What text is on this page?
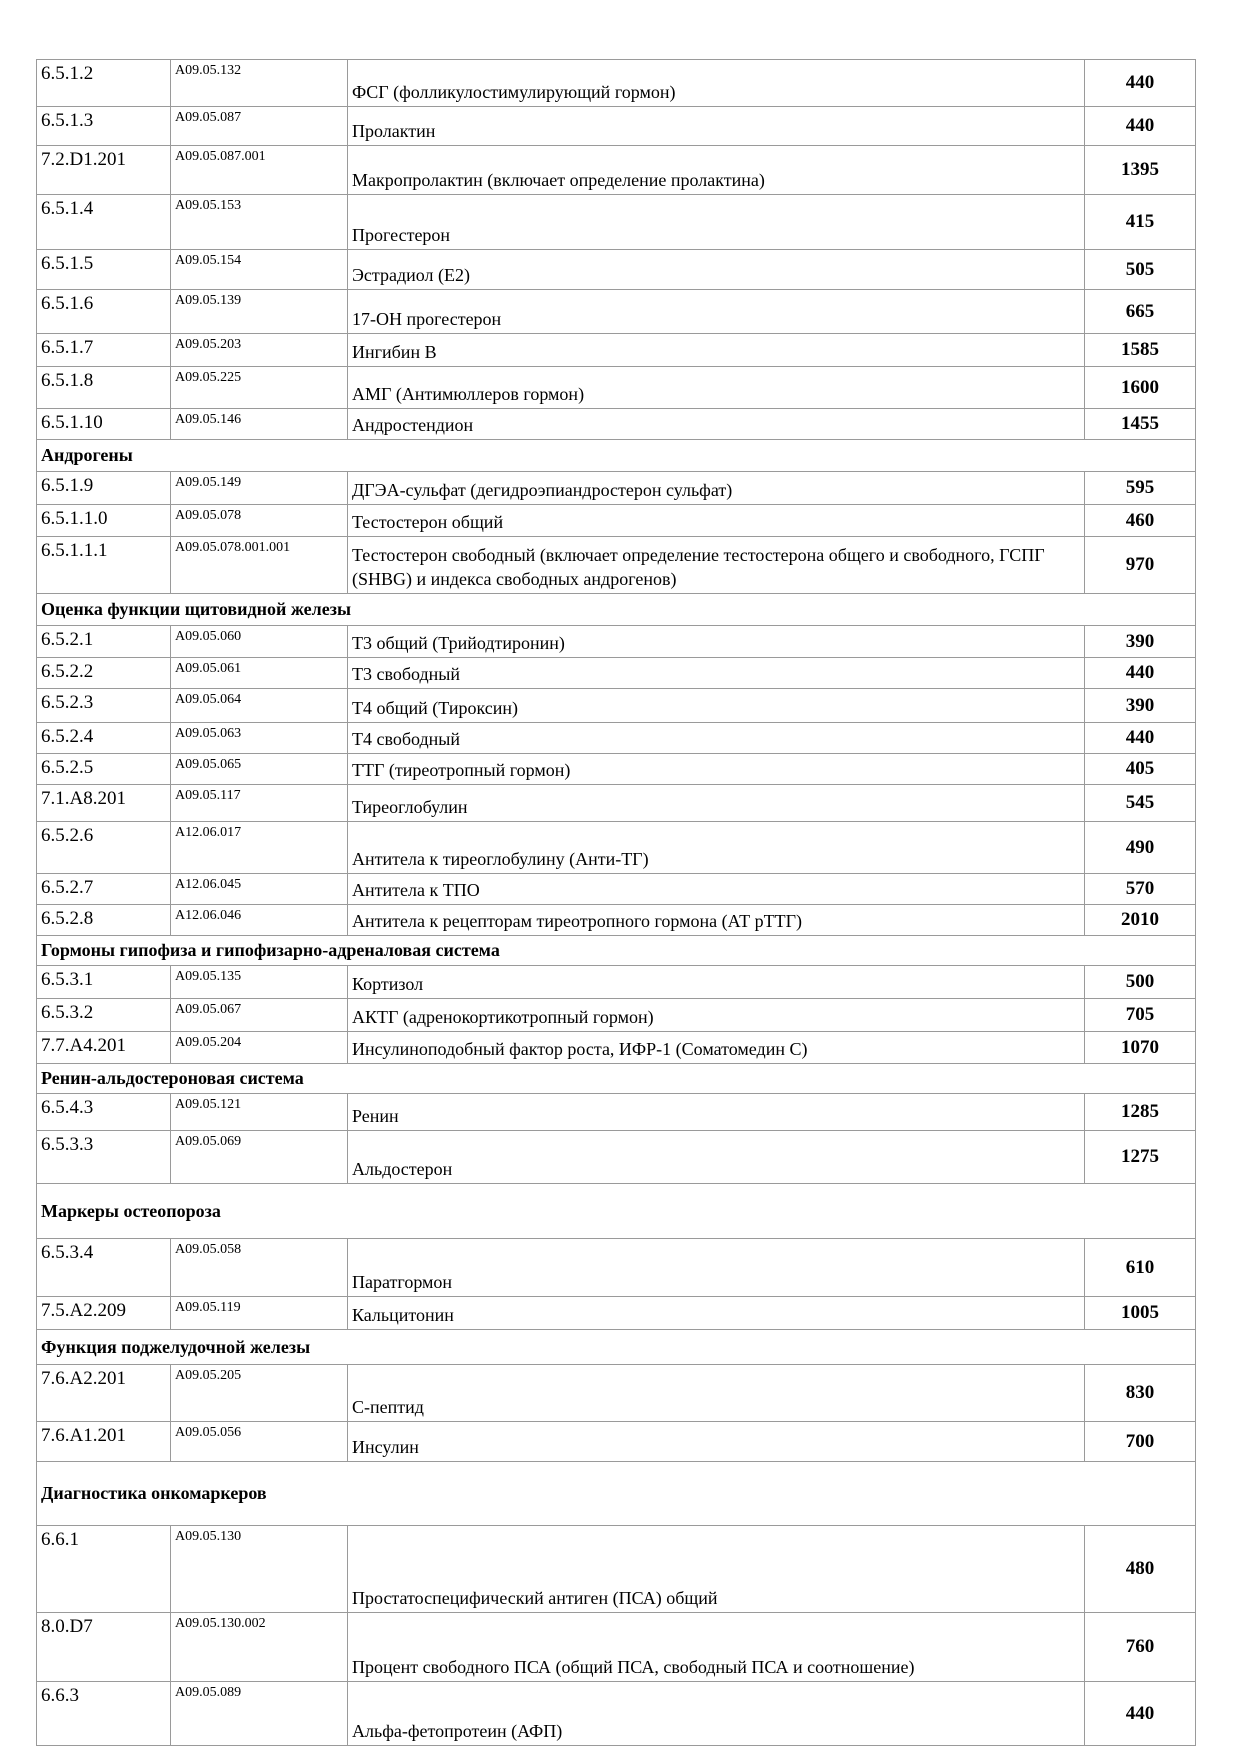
6.5.1.2	A09.05.132	ФСГ (фолликулостимулирующий гормон)	440
6.5.1.3	A09.05.087	Пролактин	440
7.2.D1.201	A09.05.087.001	Макропролактин (включает определение пролактина)	1395
6.5.1.4	A09.05.153	Прогестерон	415
6.5.1.5	A09.05.154	Эстрадиол (Е2)	505
6.5.1.6	A09.05.139	17-ОН прогестерон	665
6.5.1.7	A09.05.203	Ингибин В	1585
6.5.1.8	A09.05.225	АМГ (Антимюллеров гормон)	1600
6.5.1.10	A09.05.146	Андростендион	1455
Андрогены			
6.5.1.9	A09.05.149	ДГЭА-сульфат (дегидроэпиандростерон сульфат)	595
6.5.1.1.0	A09.05.078	Тестостерон общий	460
6.5.1.1.1	A09.05.078.001.001	Тестостерон свободный (включает определение тестостерона общего и свободного, ГСПГ (SHBG) и индекса свободных андрогенов)	970
Оценка функции щитовидной железы			
6.5.2.1	A09.05.060	Т3 общий (Трийодтиронин)	390
6.5.2.2	A09.05.061	Т3 свободный	440
6.5.2.3	A09.05.064	Т4 общий (Тироксин)	390
6.5.2.4	A09.05.063	Т4 свободный	440
6.5.2.5	A09.05.065	ТТГ (тиреотропный гормон)	405
7.1.A8.201	A09.05.117	Тиреоглобулин	545
6.5.2.6	A12.06.017	Антитела к тиреоглобулину (Анти-ТГ)	490
6.5.2.7	A12.06.045	Антитела к ТПО	570
6.5.2.8	A12.06.046	Антитела к рецепторам тиреотропного гормона (АТ рТТГ)	2010
Гормоны гипофиза и гипофизарно-адреналовая система			
6.5.3.1	A09.05.135	Кортизол	500
6.5.3.2	A09.05.067	АКТГ (адренокортикотропный гормон)	705
7.7.A4.201	A09.05.204	Инсулиноподобный фактор роста, ИФР-1 (Соматомедин С)	1070
Ренин-альдостероновая система			
6.5.4.3	A09.05.121	Ренин	1285
6.5.3.3	A09.05.069	Альдостерон	1275
Маркеры остеопороза			
6.5.3.4	A09.05.058	Паратгормон	610
7.5.A2.209	A09.05.119	Кальцитонин	1005
Функция поджелудочной железы			
7.6.A2.201	A09.05.205	С-пептид	830
7.6.A1.201	A09.05.056	Инсулин	700
Диагностика онкомаркеров			
6.6.1	A09.05.130	Простатоспецифический антиген (ПСА) общий	480
8.0.D7	A09.05.130.002	Процент свободного ПСА (общий ПСА, свободный ПСА и соотношение)	760
6.6.3	A09.05.089	Альфа-фетопротеин (АФП)	440
